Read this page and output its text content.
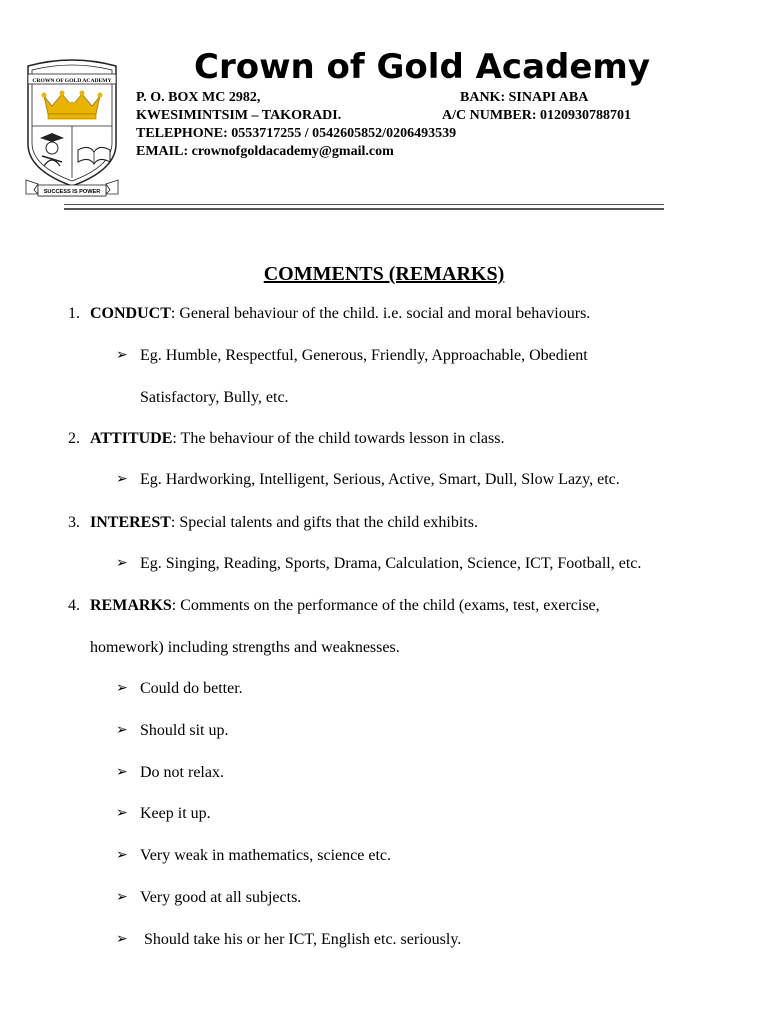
CROWN OF GOLD ACADEMY
SUCCESS IS POWER
Crown of Gold Academy
P. O. BOX MC 2982,	BANK: SINAPI ABA
KWESIMINTSIM – TAKORADI.	A/C NUMBER: 0120930788701
TELEPHONE: 0553717255 / 0542605852/0206493539
EMAIL: crownofgoldacademy@gmail.com
COMMENTS (REMARKS)
1. CONDUCT: General behaviour of the child. i.e. social and moral behaviours.
➢ Eg. Humble, Respectful, Generous, Friendly, Approachable, Obedient
Satisfactory, Bully, etc.
2. ATTITUDE: The behaviour of the child towards lesson in class.
➢ Eg. Hardworking, Intelligent, Serious, Active, Smart, Dull, Slow Lazy, etc.
3. INTEREST: Special talents and gifts that the child exhibits.
➢ Eg. Singing, Reading, Sports, Drama, Calculation, Science, ICT, Football, etc.
4. REMARKS: Comments on the performance of the child (exams, test, exercise,
homework) including strengths and weaknesses.
➢ Could do better.
➢ Should sit up.
➢ Do not relax.
➢ Keep it up.
➢ Very weak in mathematics, science etc.
➢ Very good at all subjects.
➢ Should take his or her ICT, English etc. seriously.
